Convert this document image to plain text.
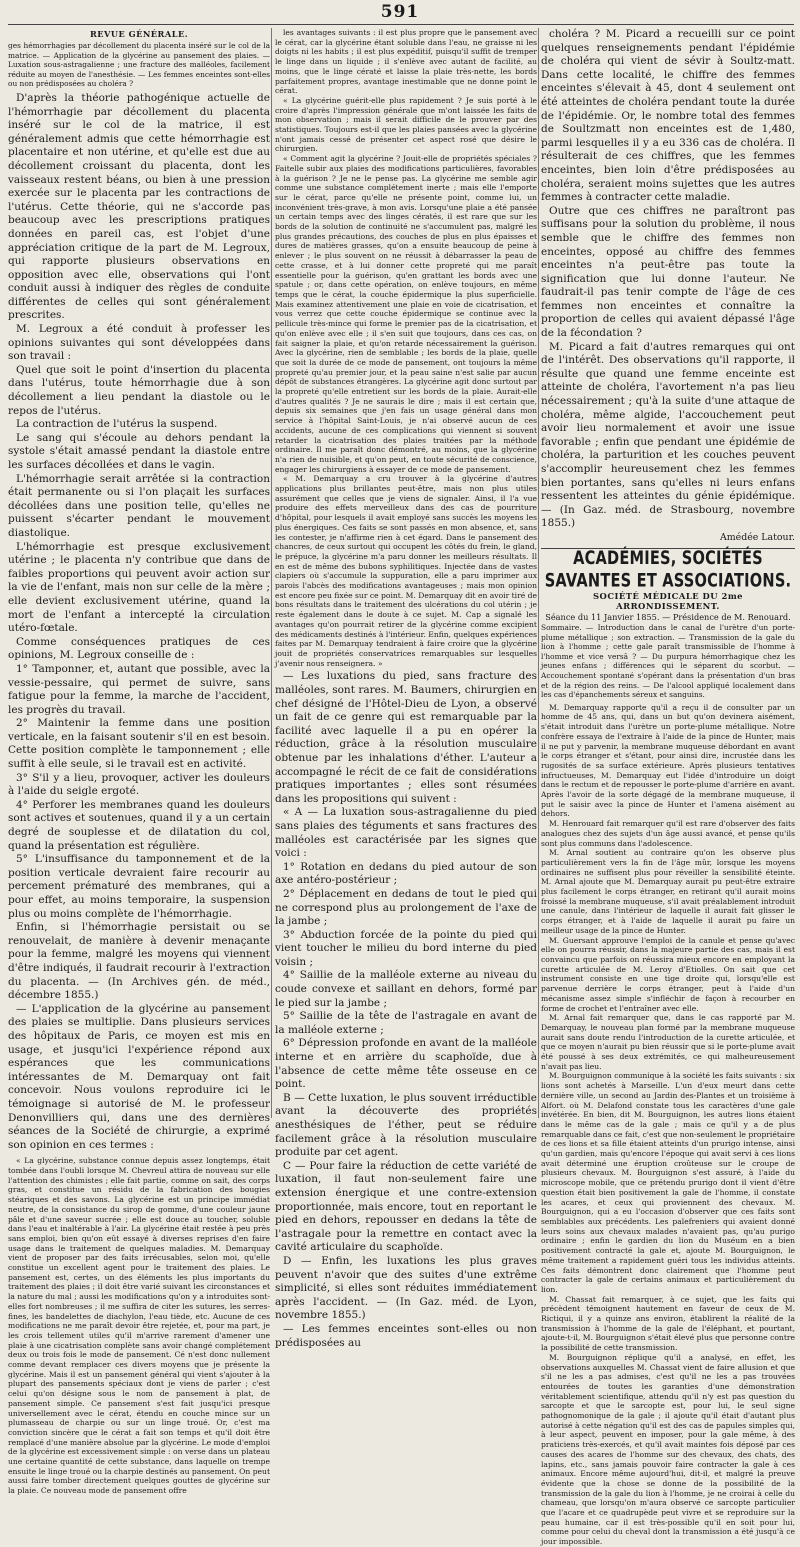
591
REVUE GÉNÉRALE.

ges hémorrhagies par décollement du placenta inséré sur le col de la matrice. — Application de la glycérine au pansement des plaies. — Luxation sous-astragalienne ; une fracture des malléoles, facilement réduite au moyen de l'anesthésie. — Les femmes enceintes sont-elles ou non prédisposées au choléra ?

D'après la théorie pathogénique actuelle de l'hémorrhagie par décollement du placenta inséré sur le col de la matrice, il est généralement admis que cette hémorrhagie est placentaire et non utérine, et qu'elle est due au décollement croissant du placenta, dont les vaisseaux restent béans, ou bien à une pression exercée sur le placenta par les contractions de l'utérus. Cette théorie, qui ne s'accorde pas beaucoup avec les prescriptions pratiques données en pareil cas, est l'objet d'une appréciation critique de la part de M. Legroux, qui rapporte plusieurs observations en opposition avec elle, observations qui l'ont conduit aussi à indiquer des règles de conduite différentes de celles qui sont généralement prescrites.

M. Legroux a été conduit à professer les opinions suivantes qui sont développées dans son travail :

Quel que soit le point d'insertion du placenta dans l'utérus, toute hémorrhagie due à son décollement a lieu pendant la diastole ou le repos de l'utérus.

La contraction de l'utérus la suspend.

Le sang qui s'écoule au dehors pendant la systole s'était amassé pendant la diastole entre les surfaces décollées et dans le vagin.

L'hémorrhagie serait arrêtée si la contraction était permanente ou si l'on plaçait les surfaces décollées dans une position telle, qu'elles ne puissent s'écarter pendant le mouvement diastolique.

L'hémorrhagie est presque exclusivement utérine ; le placenta n'y contribue que dans de faibles proportions qui peuvent avoir action sur la vie de l'enfant, mais non sur celle de la mère ; elle devient exclusivement utérine, quand la mort de l'enfant a intercepté la circulation utéro-fœtale.

Comme conséquences pratiques de ces opinions, M. Legroux conseille de :

1° Tamponner, et, autant que possible, avec la vessie-pessaire, qui permet de suivre, sans fatigue pour la femme, la marche de l'accident, les progrès du travail.

2° Maintenir la femme dans une position verticale, en la faisant soutenir s'il en est besoin. Cette position complète le tamponnement ; elle suffit à elle seule, si le travail est en activité.

3° S'il y a lieu, provoquer, activer les douleurs à l'aide du seigle ergoté.

4° Perforer les membranes quand les douleurs sont actives et soutenues, quand il y a un certain degré de souplesse et de dilatation du col, quand la présentation est régulière.

5° L'insuffisance du tamponnement et de la position verticale devraient faire recourir au percement prématuré des membranes, qui a pour effet, au moins temporaire, la suspension plus ou moins complète de l'hémorrhagie.

Enfin, si l'hémorrhagie persistait ou se renouvelait, de manière à devenir menaçante pour la femme, malgré les moyens qui viennent d'être indiqués, il faudrait recourir à l'extraction du placenta. — (In Archives gén. de méd., décembre 1855.)

— L'application de la glycérine au pansement des plaies se multiplie. Dans plusieurs services des hôpitaux de Paris, ce moyen est mis en usage, et jusqu'ici l'expérience répond aux espérances que les communications intéressantes de M. Demarquay ont fait concevoir. Nous voulons reproduire ici le témoignage si autorisé de M. le professeur Denonvilliers qui, dans une des dernières séances de la Société de chirurgie, a exprimé son opinion en ces termes :

« La glycérine, substance connue depuis assez longtemps, était tombée dans l'oubli lorsque M. Chevreul attira de nouveau sur elle l'attention des chimistes ; elle fait partie, comme on sait, des corps gras, et constitue un résidu de la fabrication des bougies stéariques et des savons. La glycérine est un principe immédiat neutre, de la consistance du sirop de gomme, d'une couleur jaune pâle et d'une saveur sucrée ; elle est douce au toucher, soluble dans l'eau et inaltérable à l'air. La glycérine était restée à peu près sans emploi, bien qu'on eût essayé à diverses reprises d'en faire usage dans le traitement de quelques maladies. M. Demarquay vient de proposer par des faits irrécusables, selon moi, qu'elle constitue un excellent agent pour le traitement des plaies. Le pansement est, certes, un des éléments les plus importants du traitement des plaies ; il doit être varié suivant les circonstances et la nature du mal ; aussi les modifications qu'on y a introduites sont-elles fort nombreuses ; il me suffira de citer les sutures, les serres-fines, les bandelettes de diachylon, l'eau tiède, etc. Aucune de ces modifications ne me paraît devoir être rejetée, et, pour ma part, je les crois tellement utiles qu'il m'arrive rarement d'amener une plaie à une cicatrisation complète sans avoir changé complétement deux ou trois fois le mode de pansement. Cé n'est donc nullement comme devant remplacer ces divers moyens que je présente la glycérine. Mais il est un pansement général qui vient s'ajouter à la plupart des pansements spéciaux dont je viens de parler ; c'est celui qu'on désigne sous le nom de pansement à plat, de pansement simple. Ce pansement s'est fait jusqu'ici presque universellement avec le cérat, étendu en couche mince sur un plumasseau de charpie ou sur un linge troué. Or, c'est ma conviction sincère que le cérat a fait son temps et qu'il doit être remplacé d'une manière absolue par la glycérine. Le mode d'emploi de la glycérine est excessivement simple : on verse dans un plateau une certaine quantité de cette substance, dans laquelle on trempe ensuite le linge troué ou la charpie destinés au pansement. On peut aussi faire tomber directement quelques gouttes de glycérine sur la plaie. Ce nouveau mode de pansement offre

les avantages suivants : il est plus propre que le pansement avec le cérat, car la glycérine étant soluble dans l'eau, ne graisse ni les doigts ni les habits ; il est plus expéditif, puisqu'il suffit de tremper le linge dans un liquide ; il s'enlève avec autant de facilité, au moins, que le linge cératé et laisse la plaie très-nette, les bords parfaitement propres, avantage inestimable que ne donne point le cérat.

« La glycérine guérit-elle plus rapidement ? Je suis porté à le croire d'après l'impression générale que m'ont laissée les faits de mon observation ; mais il serait difficile de le prouver par des statistiques. Toujours est-il que les plaies pansées avec la glycérine n'ont jamais cessé de présenter cet aspect rosé que désire le chirurgien.

« Comment agit la glycérine ? Jouit-elle de propriétés spéciales ? Faitelle subir aux plaies des modifications particulières, favorables à la guérison ? Je ne le pense pas. La glycérine me semble agir comme une substance complétement inerte ; mais elle l'emporte sur le cérat, parce qu'elle ne présente point, comme lui, un inconvénient très-grave, à mon avis. Lorsqu'une plaie a été pansée un certain temps avec des linges cératés, il est rare que sur les bords de la solution de continuité ne s'accumulent pas, malgré les plus grandes précautions, des couches de plus en plus épaisses et dures de matières grasses, qu'on a ensuite beaucoup de peine à enlever ; le plus souvent on ne réussit à débarrasser la peau de cette crasse, et à lui donner cette propreté qui me paraît essentielle pour la guérison, qu'en grattant les bords avec une spatule ; or, dans cette opération, on enlève toujours, en même temps que le cérat, la couche épidermique la plus superficielle. Mais examinez attentivement une plaie en voie de cicatrisation, et vous verrez que cette couche épidermique se continue avec la pellicule très-mince qui forme le premier pas de la cicatrisation, et qu'on enlève avec elle ; il s'en suit que toujours, dans ces cas, on fait saigner la plaie, et qu'on retarde nécessairement la guérison. Avec la glycérine, rien de semblable ; les bords de la plaie, quelle que soit la durée de ce mode de pansement, ont toujours la même propreté qu'au premier jour, et la peau saine n'est salie par aucun dépôt de substances étrangères. La glycérine agit donc surtout par la propreté qu'elle entretient sur les bords de la plaie. Aurait-elle d'autres qualités ? Je ne saurais le dire ; mais il est certain que, depuis six semaines que j'en fais un usage général dans mon service à l'hôpital Saint-Louis, je n'ai observé aucun de ces accidents, aucune de ces complications qui viennent si souvent retarder la cicatrisation des plaies traitées par la méthode ordinaire. Il me paraît donc démontré, au moins, que la glycérine n'a rien de nuisible, et qu'on peut, en toute sécurité de conscience, engager les chirurgiens à essayer de ce mode de pansement.

« M. Demarquay a cru trouver à la glycérine d'autres applications plus brillantes peut-être, mais non plus utiles assurément que celles que je viens de signaler. Ainsi, il l'a vue produire des effets merveilleux dans des cas de pourriture d'hôpital, pour lesquels il avait employé sans succès les moyens les plus énergiques. Ces faits se sont passés en mon absence, et, sans les contester, je n'affirme rien à cet égard. Dans le pansement des chancres, de ceux surtout qui occupent les côtés du frein, le gland, le prépuce, la glycérine m'a paru donner les meilleurs résultats. Il en est de même des bubons syphilitiques. Injectée dans de vastes clapiers où s'accumule la suppuration, elle a paru imprimer aux parois l'abcès des modifications avantageuses ; mais mon opinion est encore peu fixée sur ce point. M. Demarquay dit en avoir tiré de bons résultats dans le traitement des ulcérations du col utérin ; je reste également dans le doute à ce sujet. M. Cap a signalé les avantages qu'on pourrait retirer de la glycérine comme excipient des médicaments destinés à l'intérieur. Enfin, quelques expériences faites par M. Demarquay tendraient à faire croire que la glycérine jouit de propriétés conservatrices remarquables sur lesquelles j'avenir nous renseignera. »

— Les luxations du pied, sans fracture des malléoles, sont rares. M. Baumers, chirurgien en chef désigné de l'Hôtel-Dieu de Lyon, a observé un fait de ce genre qui est remarquable par la facilité avec laquelle il a pu en opérer la réduction, grâce à la résolution musculaire obtenue par les inhalations d'éther. L'auteur a accompagné le récit de ce fait de considérations pratiques importantes ; elles sont résumées dans les propositions qui suivent :

« A — La luxation sous-astragalienne du pied sans plaies des téguments et sans fractures des malléoles est caractérisée par les signes que voici :

1° Rotation en dedans du pied autour de son axe antéro-postérieur ;

2° Déplacement en dedans de tout le pied qui ne correspond plus au prolongement de l'axe de la jambe ;

3° Abduction forcée de la pointe du pied qui vient toucher le milieu du bord interne du pied voisin ;

4° Saillie de la malléole externe au niveau du coude convexe et saillant en dehors, formé par le pied sur la jambe ;

5° Saillie de la tête de l'astragale en avant de la malléole externe ;

6° Dépression profonde en avant de la malléole interne et en arrière du scaphoïde, due à l'absence de cette même tête osseuse en ce point.

B — Cette luxation, le plus souvent irréductible avant la découverte des propriétés anesthésiques de l'éther, peut se réduire facilement grâce à la résolution musculaire produite par cet agent.

C — Pour faire la réduction de cette variété de luxation, il faut non-seulement faire une extension énergique et une contre-extension proportionnée, mais encore, tout en reportant le pied en dehors, repousser en dedans la tête de l'astragale pour la remettre en contact avec la cavité articulaire du scaphoïde.

D — Enfin, les luxations les plus graves peuvent n'avoir que des suites d'une extrême simplicité, si elles sont réduites immédiatement après l'accident. — (In Gaz. méd. de Lyon, novembre 1855.)

— Les femmes enceintes sont-elles ou non prédisposées au

choléra ? M. Picard a recueilli sur ce point quelques renseignements pendant l'épidémie de choléra qui vient de sévir à Soultz-matt. Dans cette localité, le chiffre des femmes enceintes s'élevait à 45, dont 4 seulement ont été atteintes de choléra pendant toute la durée de l'épidémie. Or, le nombre total des femmes de Soultzmatt non enceintes est de 1,480, parmi lesquelles il y a eu 336 cas de choléra. Il résulterait de ces chiffres, que les femmes enceintes, bien loin d'être prédisposées au choléra, seraient moins sujettes que les autres femmes à contracter cette maladie.

Outre que ces chiffres ne paraîtront pas suffisans pour la solution du problème, il nous semble que le chiffre des femmes non enceintes, opposé au chiffre des femmes enceintes n'a peut-être pas toute la signification que lui donne l'auteur. Ne faudrait-il pas tenir compte de l'âge de ces femmes non enceintes et connaître la proportion de celles qui avaient dépassé l'âge de la fécondation ?

M. Picard a fait d'autres remarques qui ont de l'intérêt. Des observations qu'il rapporte, il résulte que quand une femme enceinte est atteinte de choléra, l'avortement n'a pas lieu nécessairement ; qu'à la suite d'une attaque de choléra, même algide, l'accouchement peut avoir lieu normalement et avoir une issue favorable ; enfin que pendant une épidémie de choléra, la parturition et les couches peuvent s'accomplir heureusement chez les femmes bien portantes, sans qu'elles ni leurs enfans ressentent les atteintes du génie épidémique. — (In Gaz. méd. de Strasbourg, novembre 1855.)

Amédée Latour.
ACADÉMIES, SOCIÉTÉS SAVANTES ET ASSOCIATIONS.
SOCIÉTÉ MÉDICALE DU 2me ARRONDISSEMENT.
Séance du 11 Janvier 1855. — Présidence de M. Renouard.

Sommaire. — Introduction dans le canal de l'urètre d'un porte-plume métallique ; son extraction. — Transmission de la gale du lion à l'homme ; cette gale paraît transmissible de l'homme à l'homme et vice versâ ? — Du purpura hémorrhagique chez les jeunes enfans ; différences qui le séparent du scorbut. — Accouchement spontané s'opérant dans la présentation d'un bras et de la région des reins. — De l'alcool appliqué localement dans les cas d'épanchements séreux et sanguins.

M. Demarquay rapporte qu'il a reçu il de consulter par un homme de 45 ans, qui, dans un but qu'on devinera aisément, s'était introduit dans l'urètre un porte-plume métallique. Notre confrère essaya de l'extraire à l'aide de la pince de Hunter, mais il ne put y parvenir, la membrane muqueuse débordant en avant le corps étranger et s'étant, pour ainsi dire, incrustée dans les rugosités de sa surface extérieure. Après plusieurs tentatives infructueuses, M. Demarquay eut l'idée d'introduire un doigt dans le rectum et de repousser le porte-plume d'arrière en avant. Après l'avoir de la sorte dégagé de la membrane muqueuse, il put le saisir avec la pince de Hunter et l'amena aisément au dehors.

M. Henrouard fait remarquer qu'il est rare d'observer des faits analogues chez des sujets d'un âge aussi avancé, et pense qu'ils sont plus communs dans l'adolescence.

M. Arnal soutient au contraire qu'on les observe plus particulièrement vers la fin de l'âge mûr, lorsque les moyens ordinaires ne suffisent plus pour réveiller la sensibilité éteinte. M. Arnal ajoute que M. Demarquay aurait pu peut-être extraire plus facilement le corps étranger, en retirant qu'il aurait moins froissé la membrane muqueuse, s'il avait préalablement introduit une canule, dans l'intérieur de laquelle il aurait fait glisser le corps étranger, et à l'aide de laquelle il aurait pu faire un meilleur usage de la pince de Hunter.

M. Guersant approuve l'emploi de la canule et pense qu'avec elle on pourra réussir, dans la majeure partie des cas, mais il est convaincu que parfois on réussira mieux encore en employant la curette articulée de M. Leroy d'Etiolles. On sait que cet instrument consiste en une tige droite qui, lorsqu'elle est parvenue derrière le corps étranger, peut à l'aide d'un mécanisme assez simple s'infléchir de façon à recourber en forme de crochet et l'entraîner avec elle.

M. Arnal fait remarquer que, dans le cas rapporté par M. Demarquay, le nouveau plan formé par la membrane muqueuse aurait sans doute rendu l'introduction de la curette articulée, et que ce moyen n'aurait pu bien réussir que si le porte-plume avait été poussé à ses deux extrémités, ce qui malheureusement n'avait pas lieu.

M. Bourguignon communique à la société les faits suivants : six lions sont achetés à Marseille. L'un d'eux meurt dans cette dernière ville, un second au Jardin des-Plantes et un troisième à Alfort. où M. Delafond constate tous les caractères d'une gale invétérée. En bien, dit M. Bourguignon, les autres lions étaient dans le même cas de la gale ; mais ce qu'il y a de plus remarquable dans ce fait, c'est que non-seulement le propriétaire de ces lions et sa fille étaient atteints d'un prurigo intense, ainsi qu'un gardien, mais qu'encore l'époque qui avait servi à ces lions avait déterminé une éruption croûteuse sur le croupe de plusieurs chevaux. M. Bourguignon s'est assuré, à l'aide du microscope mobile, que ce prétendu prurigo dont il vient d'être question était bien positivement la gale de l'homme, il constate les acares, et ceux qui proviennent des chevaux. M. Bourguignon, qui a eu l'occasion d'observer que ces faits sont semblables aux précédents. Les palefreniers qui avaient donné leurs soins aux chevaux malades n'avaient pas, qu'au purigo ordinaire ; enfin le gardien du lion du Muséum en a bien positivement contracté la gale et, ajoute M. Bourguignon, le même traitement a rapidement guéri tous les individus atteints. Ces faits démontrent donc clairement que l'homme peut contracter la gale de certains animaux et particulièrement du lion.

M. Chassat fait remarquer, à ce sujet, que les faits qui précèdent témoignent hautement en faveur de ceux de M. Rictiqui, il y a quinze ans environ, établirent la réalité de la transmission à l'homme de la gale de l'éléphant, et pourtant, ajoute-t-il, M. Bourguignon s'était élevé plus que personne contre la possibilité de cette transmission.

M. Bourguignon réplique qu'il a analysé, en effet, les observations auxquelles M. Chassat vient de faire allusion et que s'il ne les a pas admises, c'est qu'il ne les a pas trouvées entourées de toutes les garanties d'une démonstration véritablement scientifique, attendu qu'il n'y est pas question du sarcopte et que le sarcopte est, pour lui, le seul signe pathognomonique de la gale ; il ajoute qu'il était d'autant plus autorisé à cette négation qu'il est des cas de papules simples qui, à leur aspect, peuvent en imposer, pour la gale même, à des praticiens très-exercés, et qu'il avait maintes fois déposé par ces causes des acares de l'homme sur des chevaux, des chats, des lapins, etc., sans jamais pouvoir faire contracter la gale à ces animaux. Encore même aujourd'hui, dit-il, et malgré la preuve évidente que la chose se donne de la possibilité de la transmission de la gale du lion à l'homme, je ne croirai à celle du chameau, que lorsqu'on m'aura observé ce sarcopte particulier que l'acare et ce quadrupède peut vivre et se reproduire sur la peau humaine, car il est très-possible qu'il en soit pour lui, comme pour celui du cheval dont la transmission a été jusqu'à ce jour impossible.
